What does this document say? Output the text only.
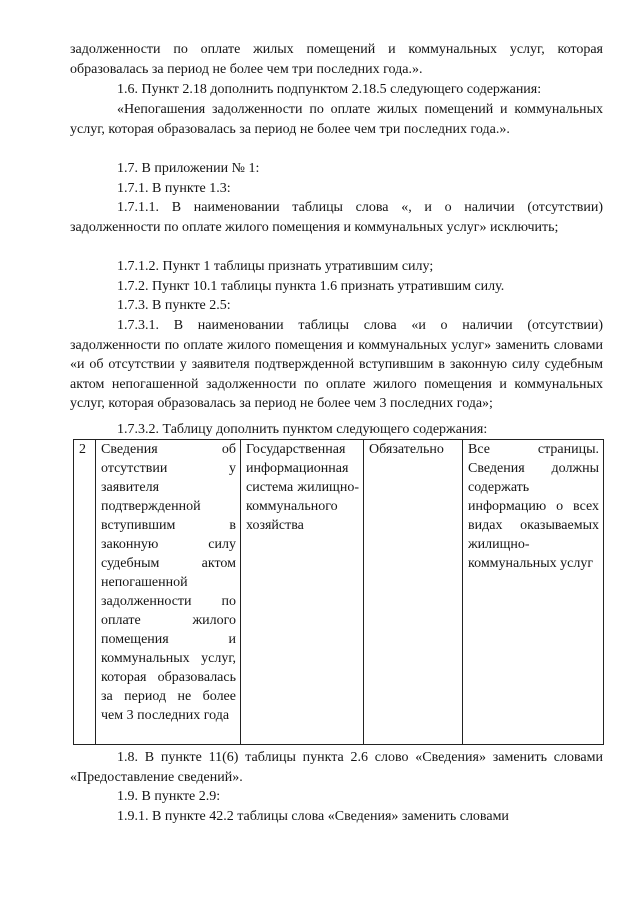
задолженности по оплате жилых помещений и коммунальных услуг, которая образовалась за период не более чем три последних года.».

1.6. Пункт 2.18 дополнить подпунктом 2.18.5 следующего содержания:

«Непогашения задолженности по оплате жилых помещений и коммунальных услуг, которая образовалась за период не более чем три последних года.».

1.7. В приложении № 1:

1.7.1. В пункте 1.3:

1.7.1.1. В наименовании таблицы слова «, и о наличии (отсутствии) задолженности по оплате жилого помещения и коммунальных услуг» исключить;

1.7.1.2. Пункт 1 таблицы признать утратившим силу;

1.7.2. Пункт 10.1 таблицы пункта 1.6 признать утратившим силу.

1.7.3. В пункте 2.5:

1.7.3.1. В наименовании таблицы слова «и о наличии (отсутствии) задолженности по оплате жилого помещения и коммунальных услуг» заменить словами «и об отсутствии у заявителя подтвержденной вступившим в законную силу судебным актом непогашенной задолженности по оплате жилого помещения и коммунальных услуг, которая образовалась за период не более чем 3 последних года»;

1.7.3.2. Таблицу дополнить пунктом следующего содержания:

2	Сведения об отсутствии у заявителя подтвержденной вступившим в законную силу судебным актом непогашенной задолженности по оплате жилого помещения и коммунальных услуг, которая образовалась за период не более чем 3 последних года	Государственная информационная система жилищно-коммунального хозяйства	Обязательно	Все страницы. Сведения должны содержать информацию о всех видах оказываемых жилищно-коммунальных услуг

1.8. В пункте 11(6) таблицы пункта 2.6 слово «Сведения» заменить словами «Предоставление сведений».

1.9. В пункте 2.9:

1.9.1. В пункте 42.2 таблицы слова «Сведения» заменить словами
